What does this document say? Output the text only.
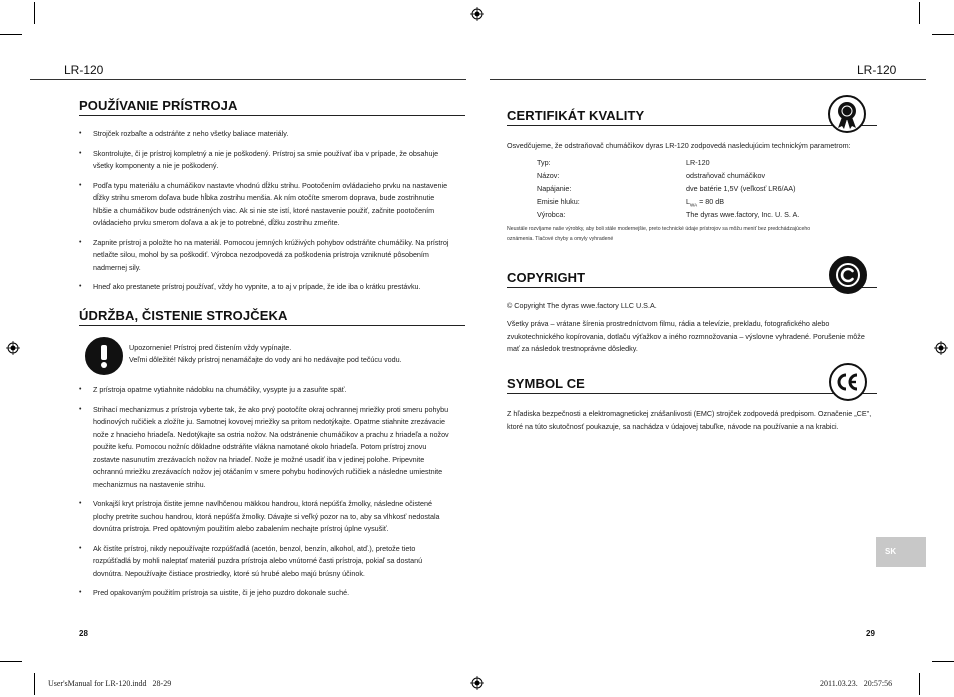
LR-120	LR-120
POUŽÍVANIE PRÍSTROJA
• Strojček rozbaľte a odstráňte z neho všetky baliace materiály.
• Skontrolujte, či je prístroj kompletný a nie je poškodený. Prístroj sa smie používať iba v prípade, že obsahuje všetky komponenty a nie je poškodený.
• Podľa typu materiálu a chumáčikov nastavte vhodnú dĺžku strihu. Pootočením ovládacieho prvku na nastavenie dĺžky strihu smerom doľava bude hĺbka zostrihu menšia. Ak ním otočíte smerom doprava, bude zostrihnutie hlbšie a chumáčikov bude odstránených viac. Ak si nie ste istí, ktoré nastavenie použiť, začnite pootočením ovládacieho prvku smerom doľava a ak je to potrebné, dĺžku zostrihu zmeňte.
• Zapnite prístroj a položte ho na materiál. Pomocou jemných krúživých pohybov odstráňte chumáčiky. Na prístroj netlačte silou, mohol by sa poškodiť. Výrobca nezodpovedá za poškodenia prístroja vzniknuté pôsobením nadmernej sily.
• Hneď ako prestanete prístroj používať, vždy ho vypnite, a to aj v prípade, že ide iba o krátku prestávku.
ÚDRŽBA, ČISTENIE STROJČEKA
Upozornenie! Prístroj pred čistením vždy vypínajte.
Veľmi dôležité! Nikdy prístroj nenamáčajte do vody ani ho nedávajte pod tečúcu vodu.
• Z prístroja opatrne vytiahnite nádobku na chumáčiky, vysypte ju a zasuňte späť.
• Strihací mechanizmus z prístroja vyberte tak, že ako prvý pootočíte okraj ochrannej mriežky proti smeru pohybu hodinových ručičiek a zložíte ju. Samotnej kovovej mriežky sa pritom nedotýkajte. Opatrne stiahnite zrezávacie nože z hnacieho hriadeľa. Nedotýkajte sa ostria nožov. Na odstránenie chumáčikov a prachu z hriadeľa a nožov použite kefu. Pomocou nožníc dôkladne odstráňte vlákna namotané okolo hriadeľa. Potom prístroj znovu zostavte nasunutím zrezávacích nožov na hriadeľ. Nože je možné usadiť iba v jedinej polohe. Pripevnite ochrannú mriežku zrezávacích nožov jej otáčaním v smere pohybu hodinových ručičiek a následne umiestnite mechanizmus na nastavenie strihu.
• Vonkajší kryt prístroja čistite jemne navlhčenou mäkkou handrou, ktorá nepúšťa žmolky, následne očistené plochy pretrite suchou handrou, ktorá nepúšťa žmolky. Dávajte si veľký pozor na to, aby sa vlhkosť nedostala dovnútra prístroja. Pred opätovným použitím alebo zabalením nechajte prístroj úplne vysušiť.
• Ak čistíte prístroj, nikdy nepoužívajte rozpúšťadlá (acetón, benzol, benzín, alkohol, atď.), pretože tieto rozpúšťadlá by mohli naleptať materiál puzdra prístroja alebo vnútorné časti prístroja, pokiaľ sa dostanú dovnútra. Nepoužívajte čistiace prostriedky, ktoré sú hrubé alebo majú brúsny účinok.
• Pred opakovaným použitím prístroja sa uistite, či je jeho puzdro dokonale suché.
28
CERTIFIKÁT KVALITY
Osvedčujeme, že odstraňovač chumáčikov dyras LR-120 zodpovedá nasledujúcim technickým parametrom:
Typ:	LR-120
Názov:	odstraňovač chumáčikov
Napájanie:	dve batérie 1,5V (veľkosť LR6/AA)
Emisie hluku:	$L_{WA} = 80$ dB
Výrobca:	The dyras wwe.factory, Inc. U. S. A.
Neustále rozvíjame naše výrobky, aby boli stále modernejšie, preto technické údaje prístrojov sa môžu meniť bez predchádzajúceho
oznámenia. Tlačové chyby a omyly vyhradené
COPYRIGHT
© Copyright The dyras wwe.factory LLC U.S.A.
Všetky práva – vrátane šírenia prostredníctvom filmu, rádia a televízie, prekladu, fotografického alebo zvukotechnického kopírovania, dotlaču výťažkov a iného rozmnožovania – výslovne vyhradené. Porušenie môže mať za následok trestnoprávne dôsledky.
SYMBOL CE
Z hľadiska bezpečnosti a elektromagnetickej znášanlivosti (EMC) strojček zodpovedá predpisom. Označenie „CE", ktoré na túto skutočnosť poukazuje, sa nachádza v údajovej tabuľke, návode na používanie a na krabici.
SK
29
User'sManual for LR-120.indd   28-29	2011.03.23.   20:57:56
